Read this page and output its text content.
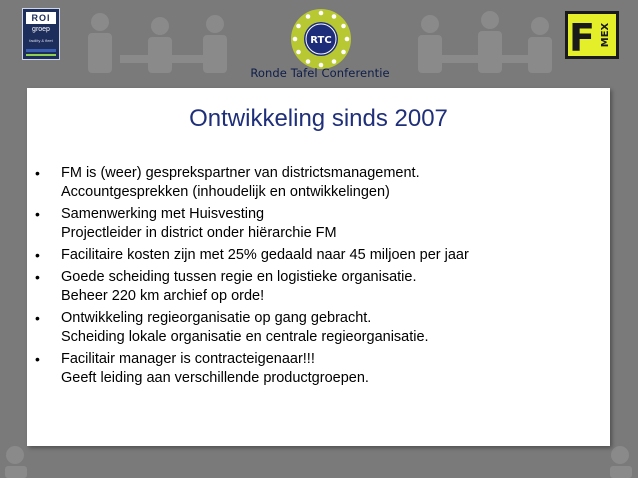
ROI
groep
facility & fleet	RTC
Ronde Tafel Conferentie
F MEX
Ontwikkeling sinds 2007
• FM is (weer) gesprekspartner van districtsmanagement.
Accountgesprekken (inhoudelijk en ontwikkelingen)
• Samenwerking met Huisvesting
Projectleider in district onder hiërarchie FM
• Facilitaire kosten zijn met 25% gedaald naar 45 miljoen per jaar
• Goede scheiding tussen regie en logistieke organisatie.
Beheer 220 km archief op orde!
• Ontwikkeling regieorganisatie op gang gebracht.
Scheiding lokale organisatie en centrale regieorganisatie.
• Facilitair manager is contracteigenaar!!!
Geeft leiding aan verschillende productgroepen.
